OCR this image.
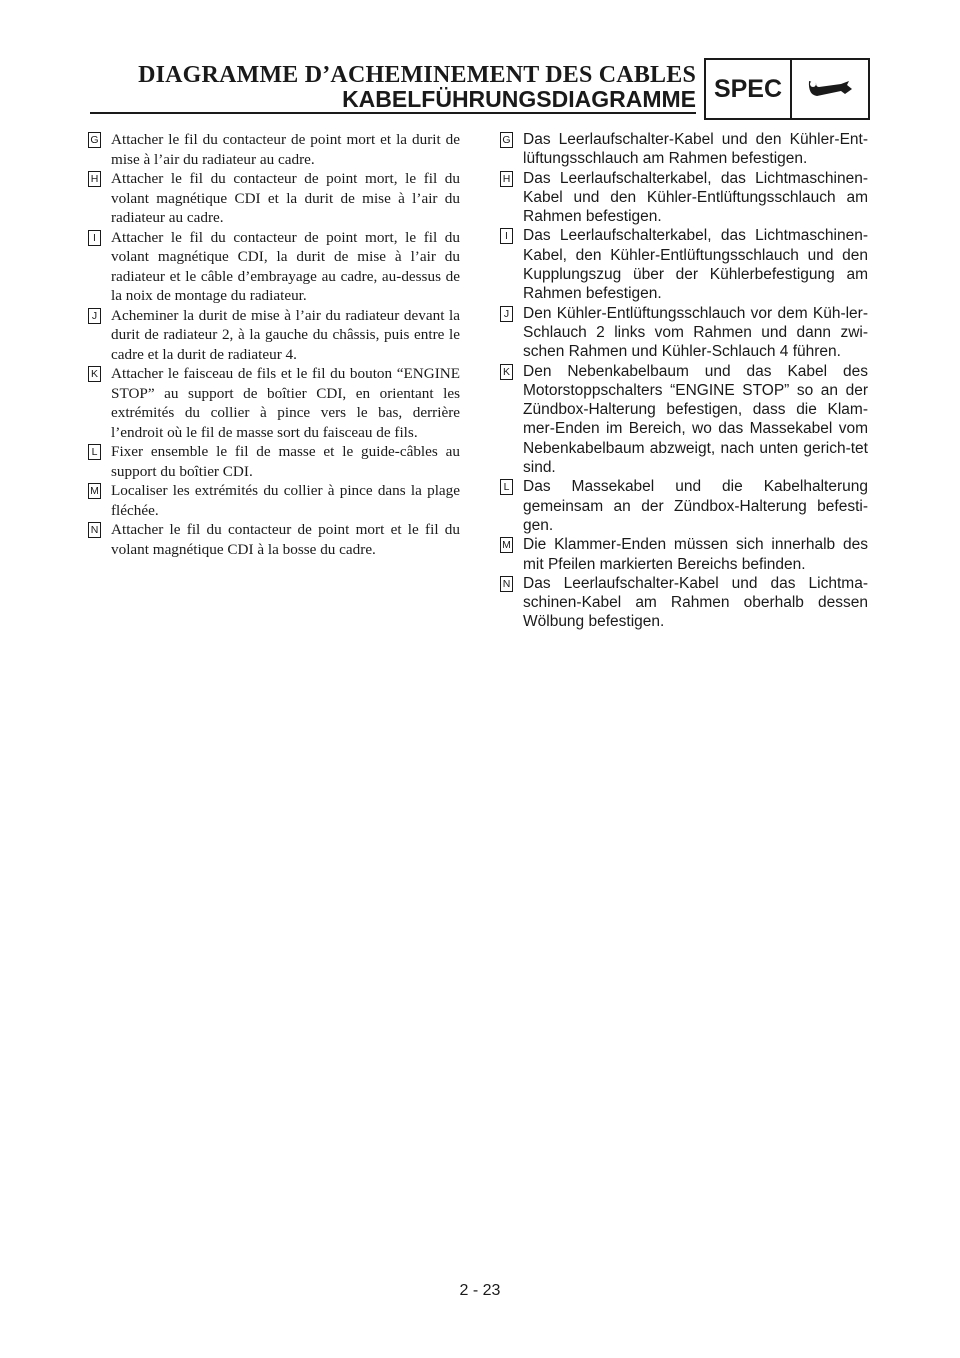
DIAGRAMME D’ACHEMINEMENT DES CABLES
KABELFÜHRUNGSDIAGRAMME SPEC
G Attacher le fil du contacteur de point mort et la durit de mise à l’air du radiateur au cadre.
H Attacher le fil du contacteur de point mort, le fil du volant magnétique CDI et la durit de mise à l’air du radiateur au cadre.
I Attacher le fil du contacteur de point mort, le fil du volant magnétique CDI, la durit de mise à l’air du radiateur et le câble d’embrayage au cadre, au-dessus de la noix de montage du radiateur.
J Acheminer la durit de mise à l’air du radiateur devant la durit de radiateur 2, à la gauche du châssis, puis entre le cadre et la durit de radiateur 4.
K Attacher le faisceau de fils et le fil du bouton “ENGINE STOP” au support de boîtier CDI, en orientant les extrémités du collier à pince vers le bas, derrière l’endroit où le fil de masse sort du faisceau de fils.
L Fixer ensemble le fil de masse et le guide-câbles au support du boîtier CDI.
M Localiser les extrémités du collier à pince dans la plage fléchée.
N Attacher le fil du contacteur de point mort et le fil du volant magnétique CDI à la bosse du cadre.
G Das Leerlaufschalter-Kabel und den Kühler-Ent-lüftungsschlauch am Rahmen befestigen.
H Das Leerlaufschalterkabel, das Lichtmaschinen-Kabel und den Kühler-Entlüftungsschlauch am Rahmen befestigen.
I Das Leerlaufschalterkabel, das Lichtmaschinen-Kabel, den Kühler-Entlüftungsschlauch und den Kupplungszug über der Kühlerbefestigung am Rahmen befestigen.
J Den Kühler-Entlüftungsschlauch vor dem Küh-ler-Schlauch 2 links vom Rahmen und dann zwi-schen Rahmen und Kühler-Schlauch 4 führen.
K Den Nebenkabelbaum und das Kabel des Motorstoppschalters “ENGINE STOP” so an der Zündbox-Halterung befestigen, dass die Klam-mer-Enden im Bereich, wo das Massekabel vom Nebenkabelbaum abzweigt, nach unten gerich-tet sind.
L Das Massekabel und die Kabelhalterung gemeinsam an der Zündbox-Halterung befesti-gen.
M Die Klammer-Enden müssen sich innerhalb des mit Pfeilen markierten Bereichs befinden.
N Das Leerlaufschalter-Kabel und das Lichtma-schinen-Kabel am Rahmen oberhalb dessen Wölbung befestigen.
2 - 23
